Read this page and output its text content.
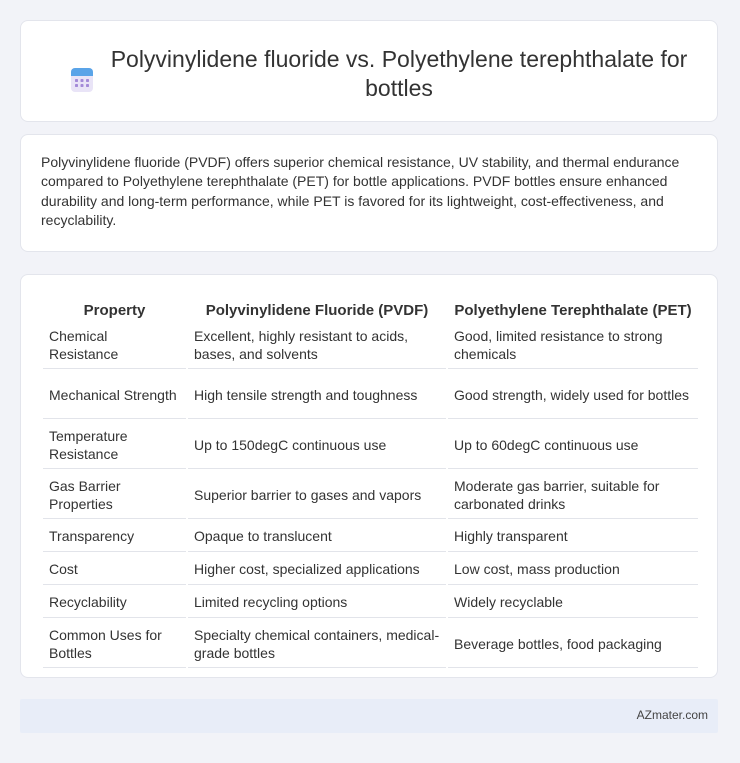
Polyvinylidene fluoride vs. Polyethylene terephthalate for bottles

Polyvinylidene fluoride (PVDF) offers superior chemical resistance, UV stability, and thermal endurance compared to Polyethylene terephthalate (PET) for bottle applications. PVDF bottles ensure enhanced durability and long-term performance, while PET is favored for its lightweight, cost-effectiveness, and recyclability.

Property	Polyvinylidene Fluoride (PVDF)	Polyethylene Terephthalate (PET)
Chemical Resistance	Excellent, highly resistant to acids, bases, and solvents	Good, limited resistance to strong chemicals
Mechanical Strength	High tensile strength and toughness	Good strength, widely used for bottles
Temperature Resistance	Up to 150degC continuous use	Up to 60degC continuous use
Gas Barrier Properties	Superior barrier to gases and vapors	Moderate gas barrier, suitable for carbonated drinks
Transparency	Opaque to translucent	Highly transparent
Cost	Higher cost, specialized applications	Low cost, mass production
Recyclability	Limited recycling options	Widely recyclable
Common Uses for Bottles	Specialty chemical containers, medical-grade bottles	Beverage bottles, food packaging
AZmater.com
